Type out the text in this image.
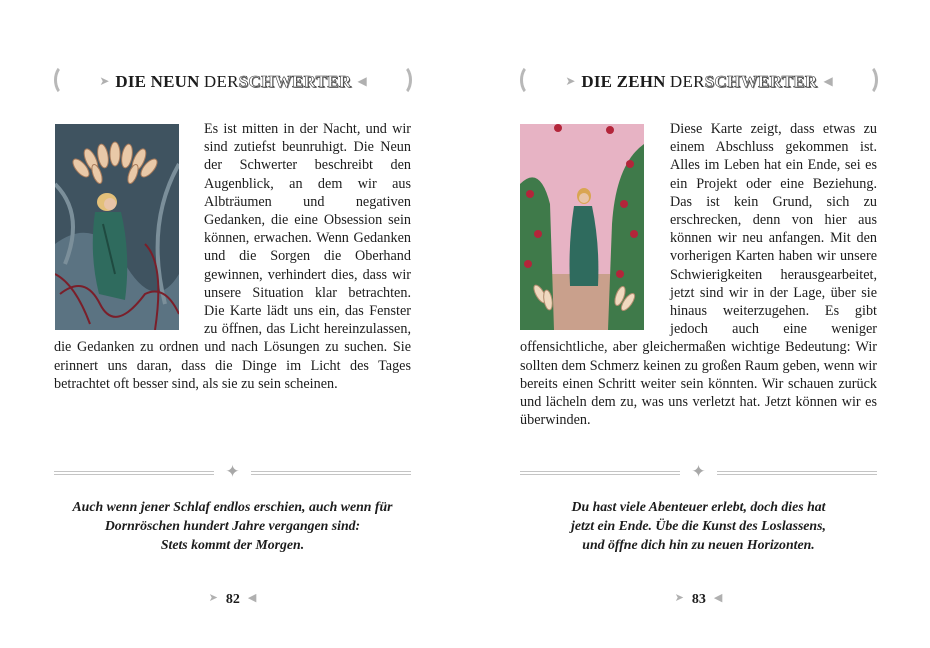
➤ DIE NEUN DERSCHWERTER ◀

Es ist mitten in der Nacht, und wir sind zutiefst beunruhigt. Die Neun der Schwerter beschreibt den Augenblick, an dem wir aus Albträumen und negativen Gedanken, die eine Obsession sein können, erwachen. Wenn Gedanken und die Sorgen die Oberhand gewinnen, verhindert dies, dass wir unsere Situation klar betrachten. Die Karte lädt uns ein, das Fenster zu öffnen, das Licht hereinzulassen, die Gedanken zu ordnen und nach Lösungen zu suchen. Sie erinnert uns daran, dass die Dinge im Licht des Tages betrachtet oft besser sind, als sie zu sein scheinen.

✦
Auch wenn jener Schlaf endlos erschien, auch wenn für
Dornröschen hundert Jahre vergangen sind:
Stets kommt der Morgen.
➤ 82 ◀
➤ DIE ZEHN DERSCHWERTER ◀

Diese Karte zeigt, dass etwas zu einem Abschluss gekommen ist. Alles im Leben hat ein Ende, sei es ein Projekt oder eine Beziehung. Das ist kein Grund, sich zu erschrecken, denn von hier aus können wir neu anfangen. Mit den vorherigen Karten haben wir unsere Schwierigkeiten herausgearbeitet, jetzt sind wir in der Lage, über sie hinaus weiterzugehen. Es gibt jedoch auch eine weniger offensichtliche, aber gleichermaßen wichtige Bedeutung: Wir sollten dem Schmerz keinen zu großen Raum geben, wenn wir bereits einen Schritt weiter sein könnten. Wir schauen zurück und lächeln dem zu, was uns verletzt hat. Jetzt können wir es überwinden.

✦
Du hast viele Abenteuer erlebt, doch dies hat
jetzt ein Ende. Übe die Kunst des Loslassens,
und öffne dich hin zu neuen Horizonten.
➤ 83 ◀
